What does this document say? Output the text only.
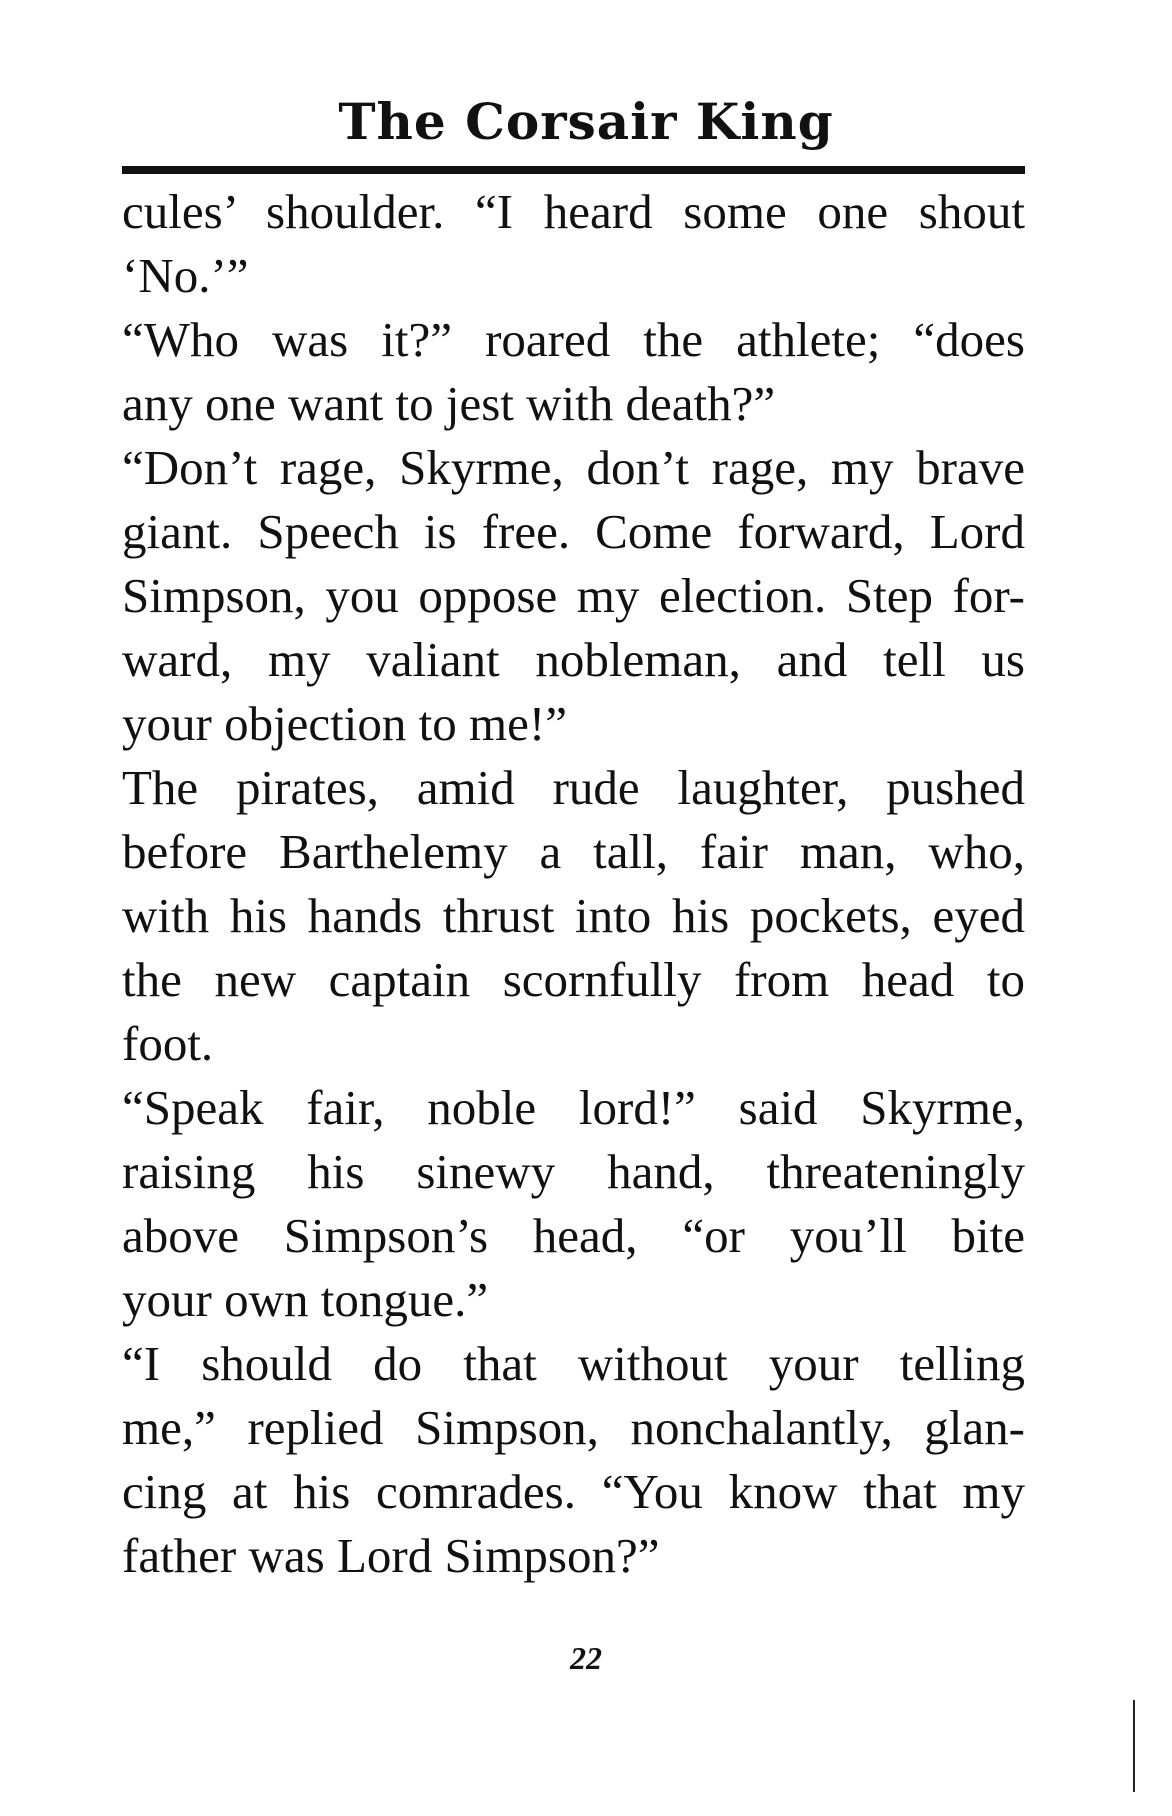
The Corsair King
cules’ shoulder. “I heard some one shout
‘No.’”
“Who was it?” roared the athlete; “does
any one want to jest with death?”
“Don’t rage, Skyrme, don’t rage, my brave
giant. Speech is free. Come forward, Lord
Simpson, you oppose my election. Step for-
ward, my valiant nobleman, and tell us
your objection to me!”
The pirates, amid rude laughter, pushed
before Barthelemy a tall, fair man, who,
with his hands thrust into his pockets, eyed
the new captain scornfully from head to
foot.
“Speak fair, noble lord!” said Skyrme,
raising his sinewy hand, threateningly
above Simpson’s head, “or you’ll bite
your own tongue.”
“I should do that without your telling
me,” replied Simpson, nonchalantly, glan-
cing at his comrades. “You know that my
father was Lord Simpson?”
22
